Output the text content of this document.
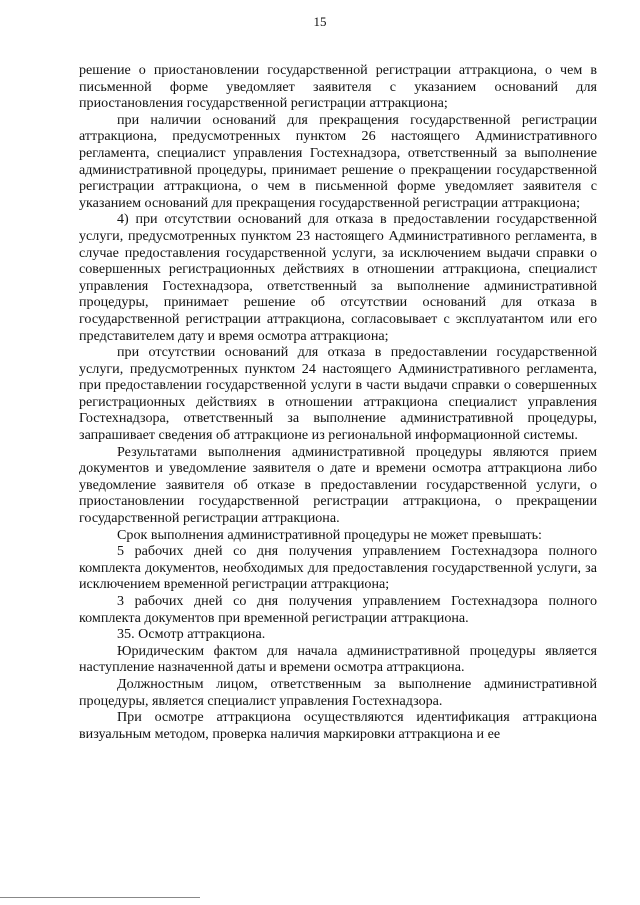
15

решение о приостановлении государственной регистрации аттракциона, о чем в письменной форме уведомляет заявителя с указанием оснований для приостановления государственной регистрации аттракциона;

при наличии оснований для прекращения государственной регистрации аттракциона, предусмотренных пунктом 26 настоящего Административного регламента, специалист управления Гостехнадзора, ответственный за выполнение административной процедуры, принимает решение о прекращении государственной регистрации аттракциона, о чем в письменной форме уведомляет заявителя с указанием оснований для прекращения государственной регистрации аттракциона;

4) при отсутствии оснований для отказа в предоставлении государственной услуги, предусмотренных пунктом 23 настоящего Административного регламента, в случае предоставления государственной услуги, за исключением выдачи справки о совершенных регистрационных действиях в отношении аттракциона, специалист управления Гостехнадзора, ответственный за выполнение административной процедуры, принимает решение об отсутствии оснований для отказа в государственной регистрации аттракциона, согласовывает с эксплуатантом или его представителем дату и время осмотра аттракциона;

при отсутствии оснований для отказа в предоставлении государственной услуги, предусмотренных пунктом 24 настоящего Административного регламента, при предоставлении государственной услуги в части выдачи справки о совершенных регистрационных действиях в отношении аттракциона специалист управления Гостехнадзора, ответственный за выполнение административной процедуры, запрашивает сведения об аттракционе из региональной информационной системы.

Результатами выполнения административной процедуры являются прием документов и уведомление заявителя о дате и времени осмотра аттракциона либо уведомление заявителя об отказе в предоставлении государственной услуги, о приостановлении государственной регистрации аттракциона, о прекращении государственной регистрации аттракциона.

Срок выполнения административной процедуры не может превышать:

5 рабочих дней со дня получения управлением Гостехнадзора полного комплекта документов, необходимых для предоставления государственной услуги, за исключением временной регистрации аттракциона;

3 рабочих дней со дня получения управлением Гостехнадзора полного комплекта документов при временной регистрации аттракциона.

35. Осмотр аттракциона.

Юридическим фактом для начала административной процедуры является наступление назначенной даты и времени осмотра аттракциона.

Должностным лицом, ответственным за выполнение административной процедуры, является специалист управления Гостехнадзора.

При осмотре аттракциона осуществляются идентификация аттракциона визуальным методом, проверка наличия маркировки аттракциона и ее
